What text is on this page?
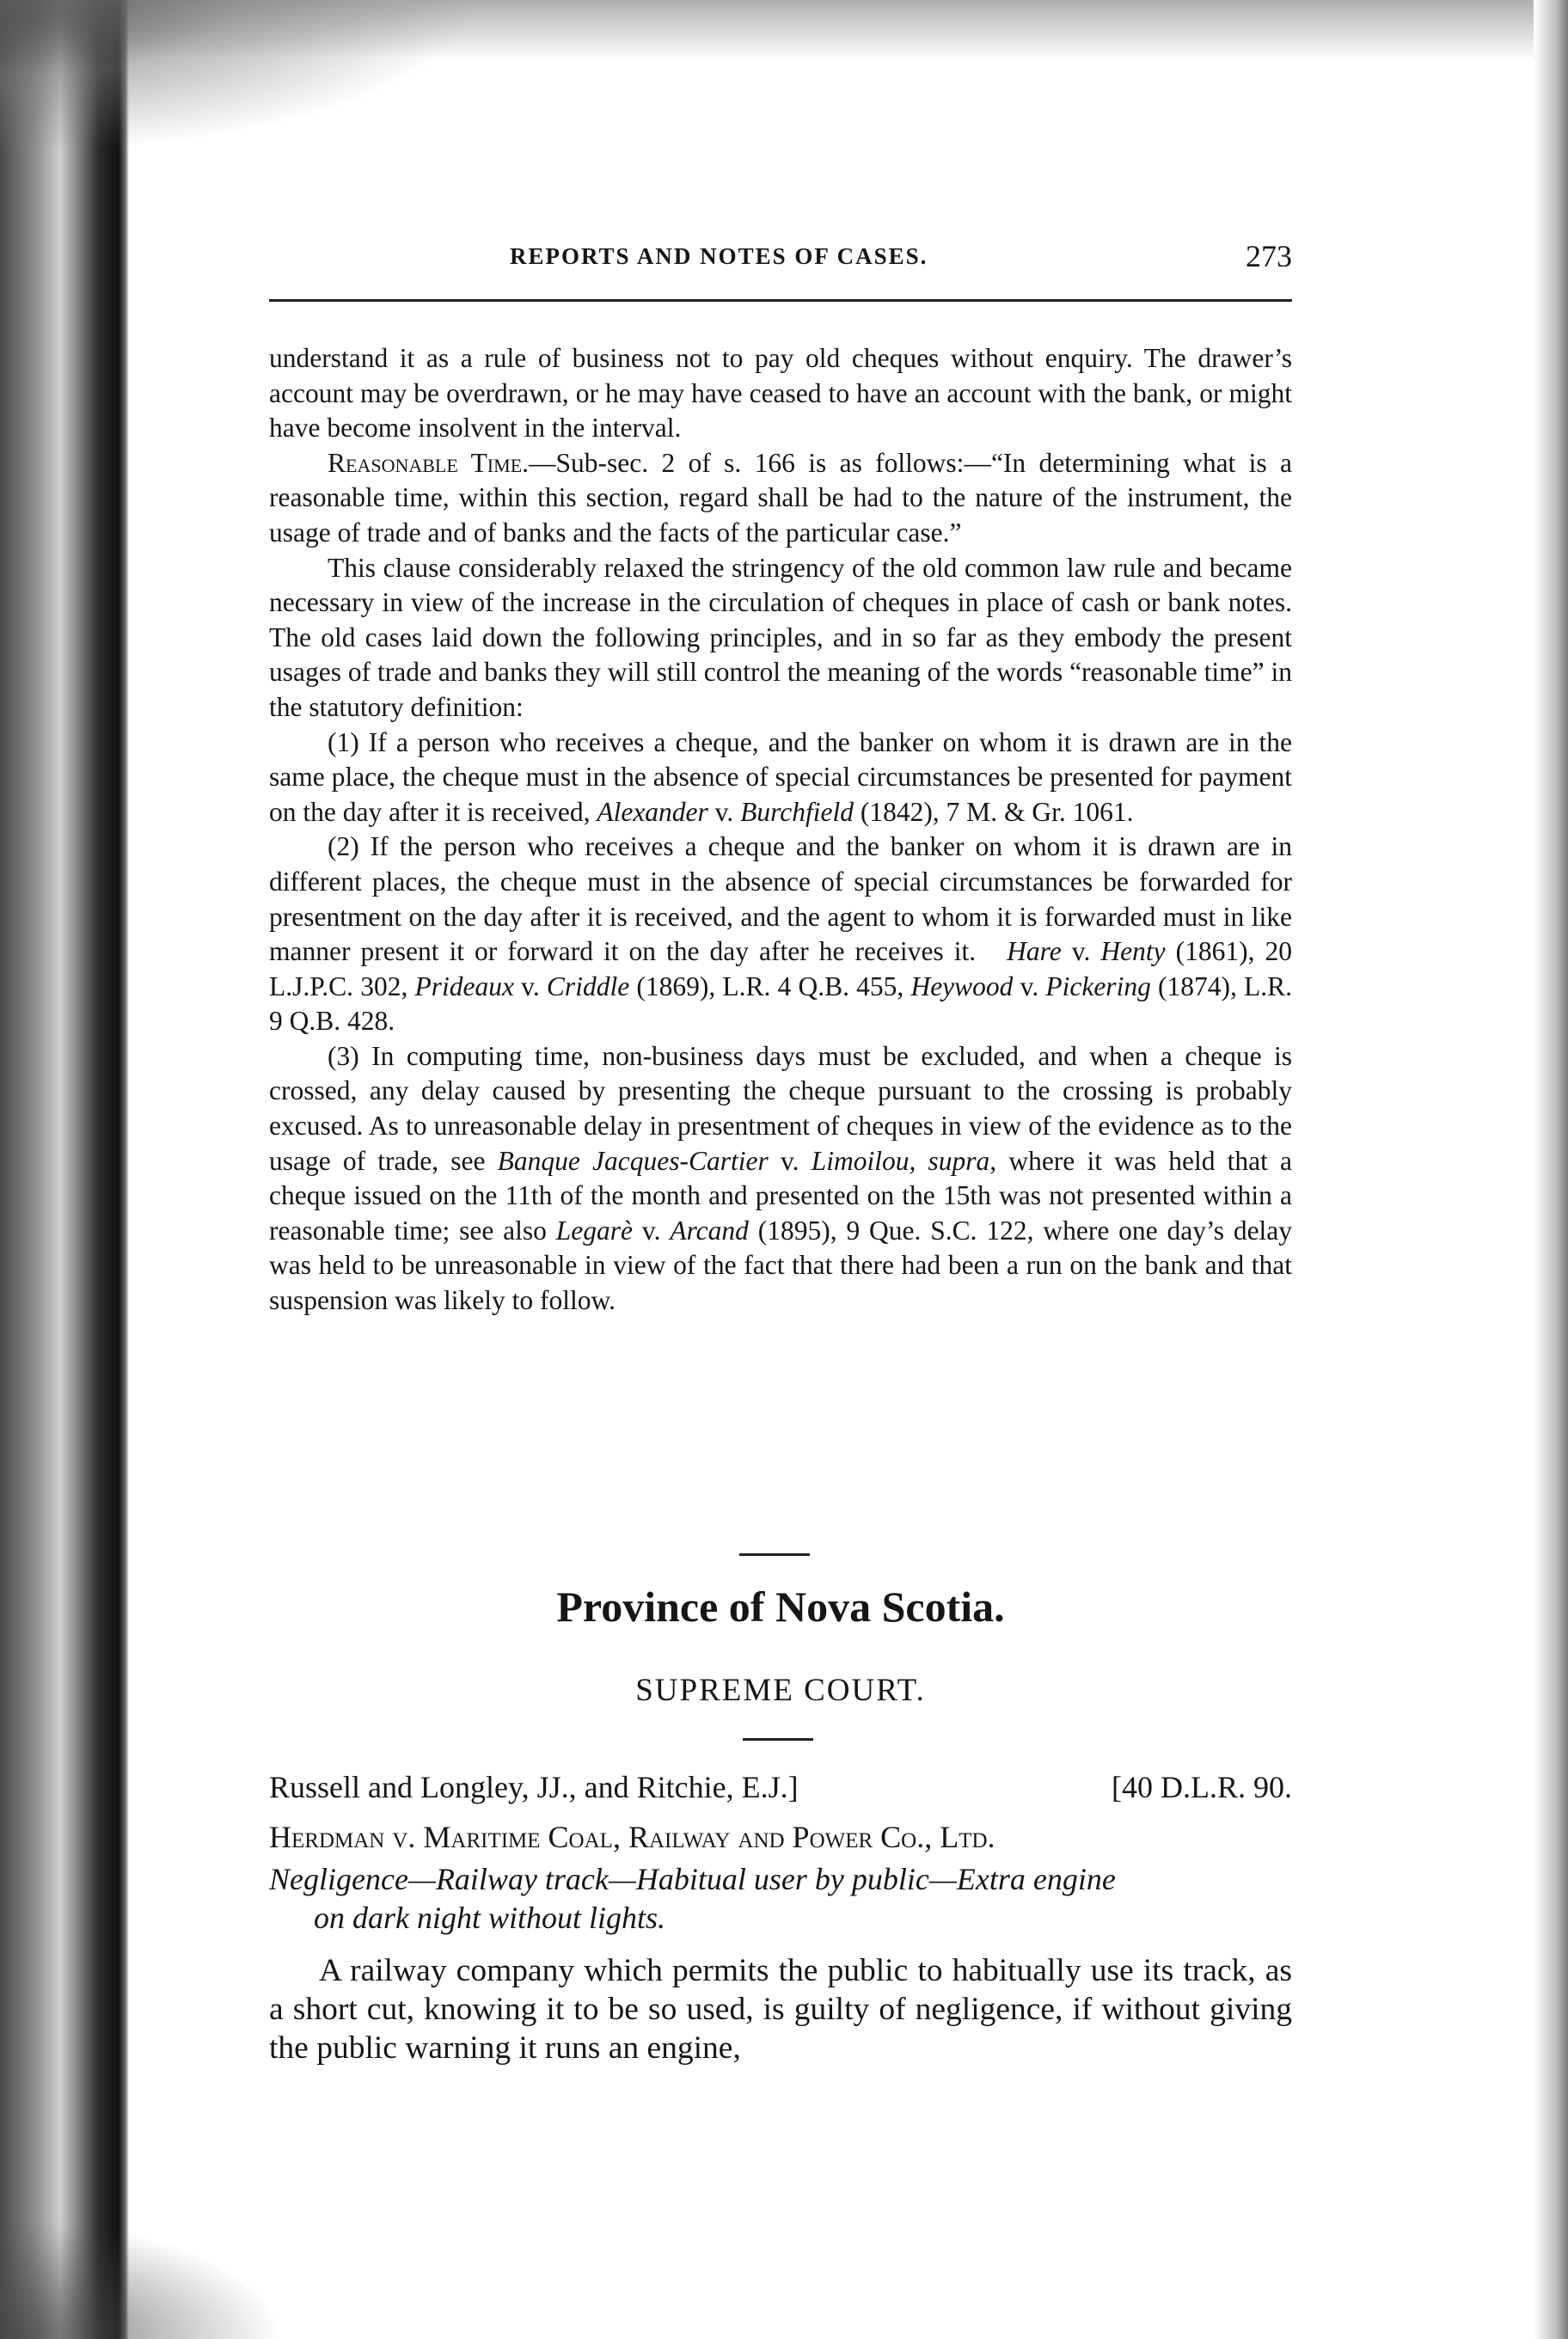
REPORTS AND NOTES OF CASES.	273

understand it as a rule of business not to pay old cheques without enquiry. The drawer’s account may be overdrawn, or he may have ceased to have an account with the bank, or might have become insolvent in the interval.

Reasonable Time.—Sub-sec. 2 of s. 166 is as follows:—“In determining what is a reasonable time, within this section, regard shall be had to the nature of the instrument, the usage of trade and of banks and the facts of the particular case.”

This clause considerably relaxed the stringency of the old common law rule and became necessary in view of the increase in the circulation of cheques in place of cash or bank notes. The old cases laid down the following principles, and in so far as they embody the present usages of trade and banks they will still control the meaning of the words “reasonable time” in the statutory definition:

(1) If a person who receives a cheque, and the banker on whom it is drawn are in the same place, the cheque must in the absence of special circumstances be presented for payment on the day after it is received, Alexander v. Burchfield (1842), 7 M. & Gr. 1061.

(2) If the person who receives a cheque and the banker on whom it is drawn are in different places, the cheque must in the absence of special circumstances be forwarded for presentment on the day after it is received, and the agent to whom it is forwarded must in like manner present it or forward it on the day after he receives it. Hare v. Henty (1861), 20 L.J.P.C. 302, Prideaux v. Criddle (1869), L.R. 4 Q.B. 455, Heywood v. Pickering (1874), L.R. 9 Q.B. 428.

(3) In computing time, non-business days must be excluded, and when a cheque is crossed, any delay caused by presenting the cheque pursuant to the crossing is probably excused. As to unreasonable delay in presentment of cheques in view of the evidence as to the usage of trade, see Banque Jacques-Cartier v. Limoilou, supra, where it was held that a cheque issued on the 11th of the month and presented on the 15th was not presented within a reasonable time; see also Legarè v. Arcand (1895), 9 Que. S.C. 122, where one day’s delay was held to be unreasonable in view of the fact that there had been a run on the bank and that suspension was likely to follow.

Province of Nova Scotia.
SUPREME COURT.
Russell and Longley, JJ., and Ritchie, E.J.]	[40 D.L.R. 90.
Herdman v. Maritime Coal, Railway and Power Co., Ltd.
Negligence—Railway track—Habitual user by public—Extra engine
on dark night without lights.

A railway company which permits the public to habitually use its track, as a short cut, knowing it to be so used, is guilty of negligence, if without giving the public warning it runs an engine,
